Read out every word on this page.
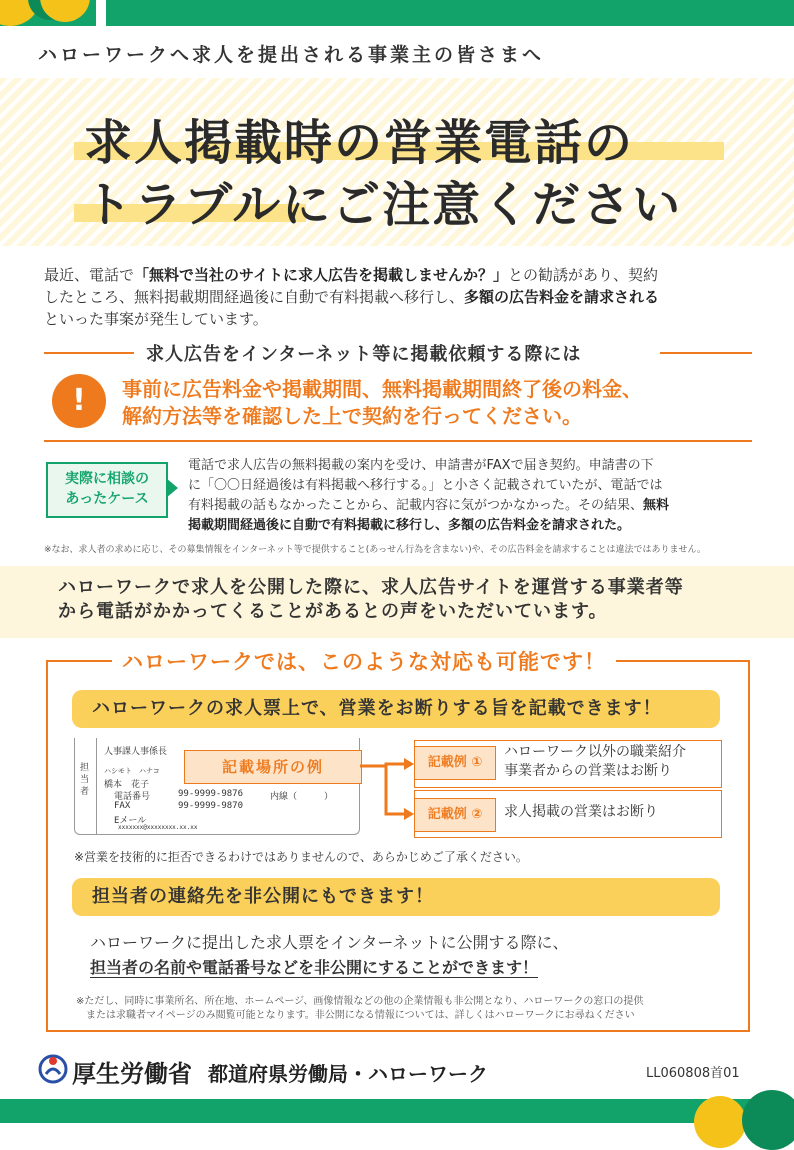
ハローワークへ求人を提出される事業主の皆さまへ
求人掲載時の営業電話の
トラブルにご注意ください
最近、電話で「無料で当社のサイトに求人広告を掲載しませんか？」との勧誘があり、契約
したところ、無料掲載期間経過後に自動で有料掲載へ移行し、多額の広告料金を請求される
といった事案が発生しています。
求人広告をインターネット等に掲載依頼する際には
!	事前に広告料金や掲載期間、無料掲載期間終了後の料金、
解約方法等を確認した上で契約を行ってください。
実際に相談の
あったケース
電話で求人広告の無料掲載の案内を受け、申請書がFAXで届き契約。申請書の下
に「〇〇日経過後は有料掲載へ移行する。」と小さく記載されていたが、電話では
有料掲載の話もなかったことから、記載内容に気がつかなかった。その結果、無料
掲載期間経過後に自動で有料掲載に移行し、多額の広告料金を請求された。
※なお、求人者の求めに応じ、その募集情報をインターネット等で提供すること(あっせん行為を含まない)や、その広告料金を請求することは違法ではありません。
ハローワークで求人を公開した際に、求人広告サイトを運営する事業者等
から電話がかかってくることがあるとの声をいただいています。
ハローワークでは、このような対応も可能です！
ハローワークの求人票上で、営業をお断りする旨を記載できます！
担当者
人事課人事係長
ハシモト　ハナコ
橋本　花子
電話番号	99-9999-9876	内線（　　　）
FAX	99-9999-9870
Eメール
xxxxxxx@xxxxxxxx.xx.xx
記載場所の例	記載例 ①
ハローワーク以外の職業紹介
事業者からの営業はお断り
記載例 ②	求人掲載の営業はお断り
※営業を技術的に拒否できるわけではありませんので、あらかじめご了承ください。
担当者の連絡先を非公開にもできます！
ハローワークに提出した求人票をインターネットに公開する際に、
担当者の名前や電話番号などを非公開にすることができます！
※ただし、同時に事業所名、所在地、ホームページ、画像情報などの他の企業情報も非公開となり、ハローワークの窓口の提供
または求職者マイページのみ閲覧可能となります。非公開になる情報については、詳しくはハローワークにお尋ねください
厚生労働省 都道府県労働局・ハローワーク	LL060808首01
